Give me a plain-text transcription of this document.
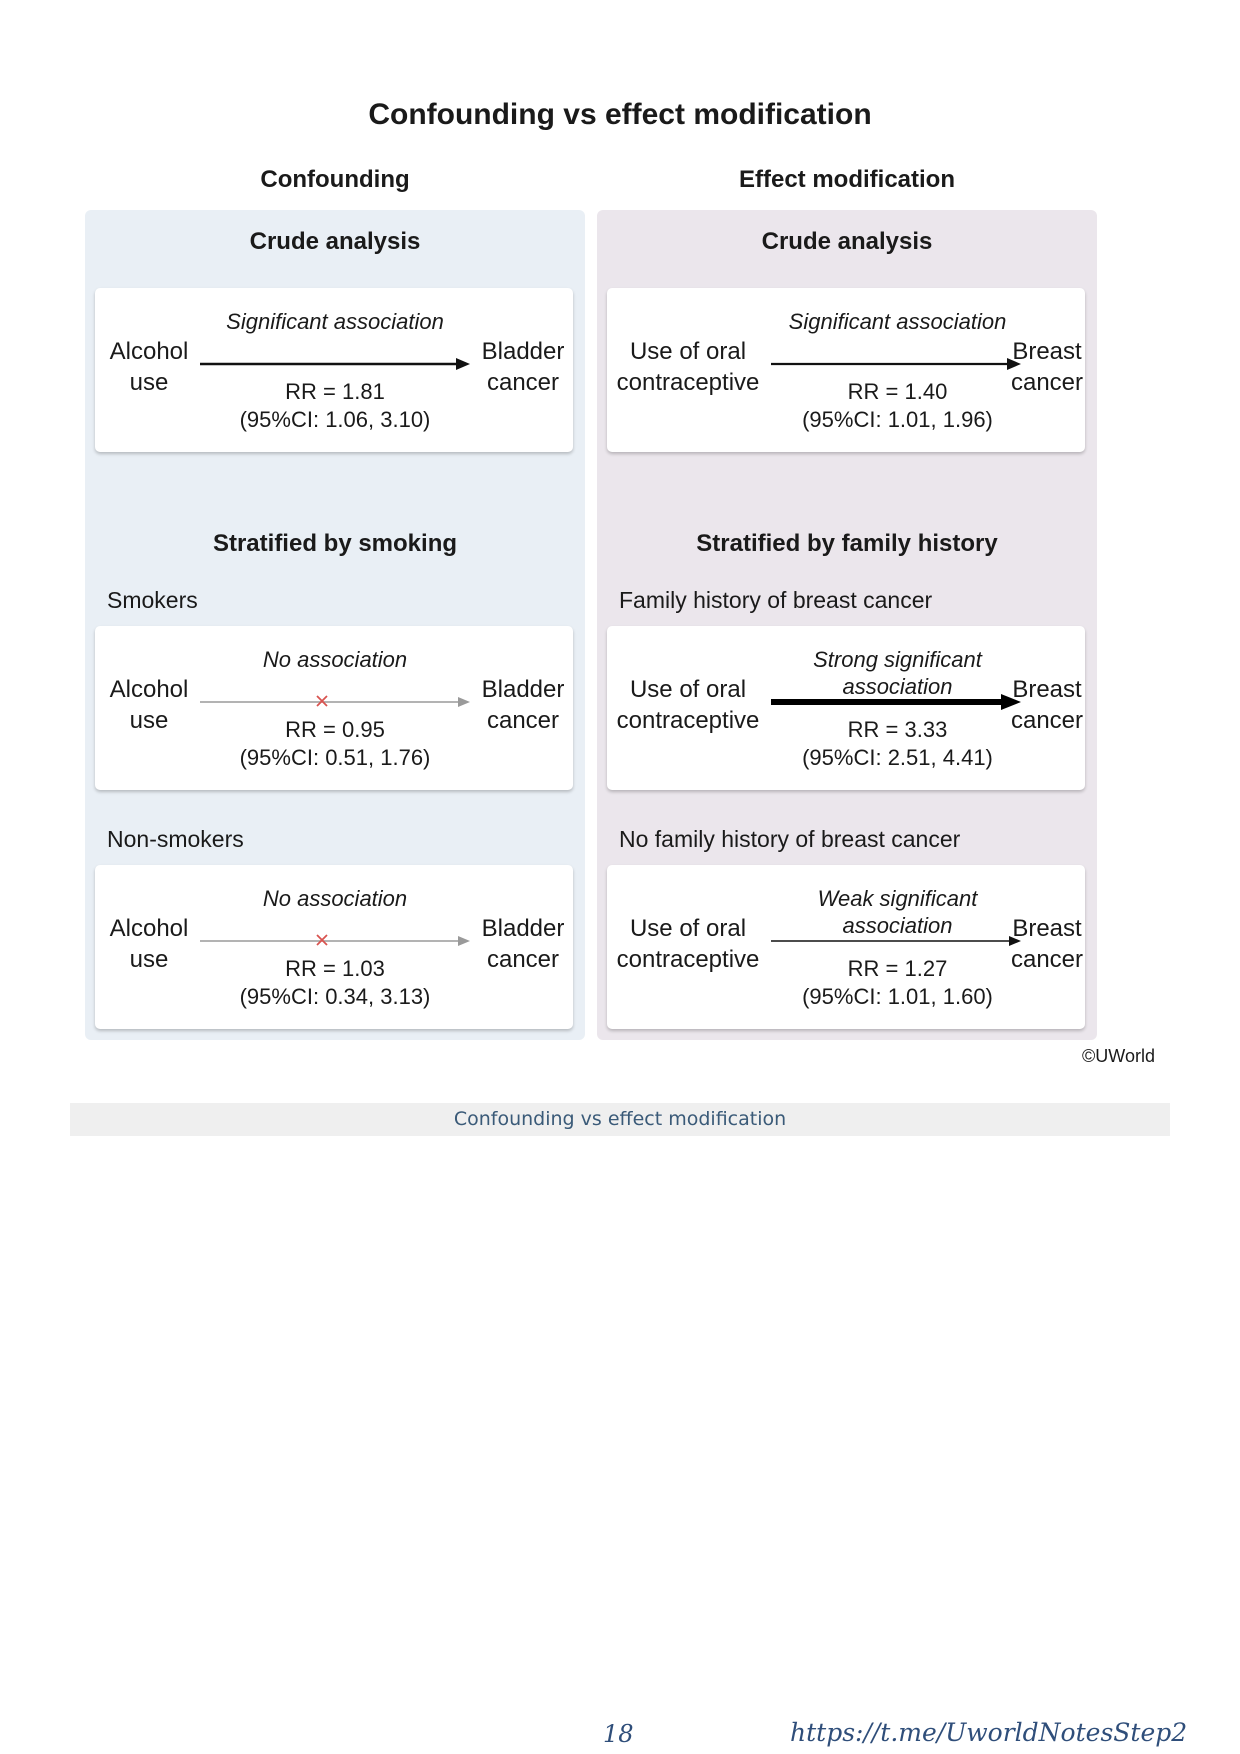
Confounding vs effect modification
Confounding	Effect modification
Crude analysis
Alcohol use
Significant association
RR = 1.81
(95%CI: 1.06, 3.10)
Bladder cancer
Stratified by smoking
Smokers
Alcohol use
No association
RR = 0.95
(95%CI: 0.51, 1.76)
Bladder cancer
Non-smokers
Alcohol use
No association
RR = 1.03
(95%CI: 0.34, 3.13)
Bladder cancer
Crude analysis
Use of oral contraceptive
Significant association
RR = 1.40
(95%CI: 1.01, 1.96)
Breast cancer
Stratified by family history
Family history of breast cancer
Use of oral contraceptive
Strong significant association
RR = 3.33
(95%CI: 2.51, 4.41)
Breast cancer
No family history of breast cancer
Use of oral contraceptive
Weak significant association
RR = 1.27
(95%CI: 1.01, 1.60)
Breast cancer
©UWorld
Confounding vs effect modification
18	https://t.me/UworldNotesStep2
